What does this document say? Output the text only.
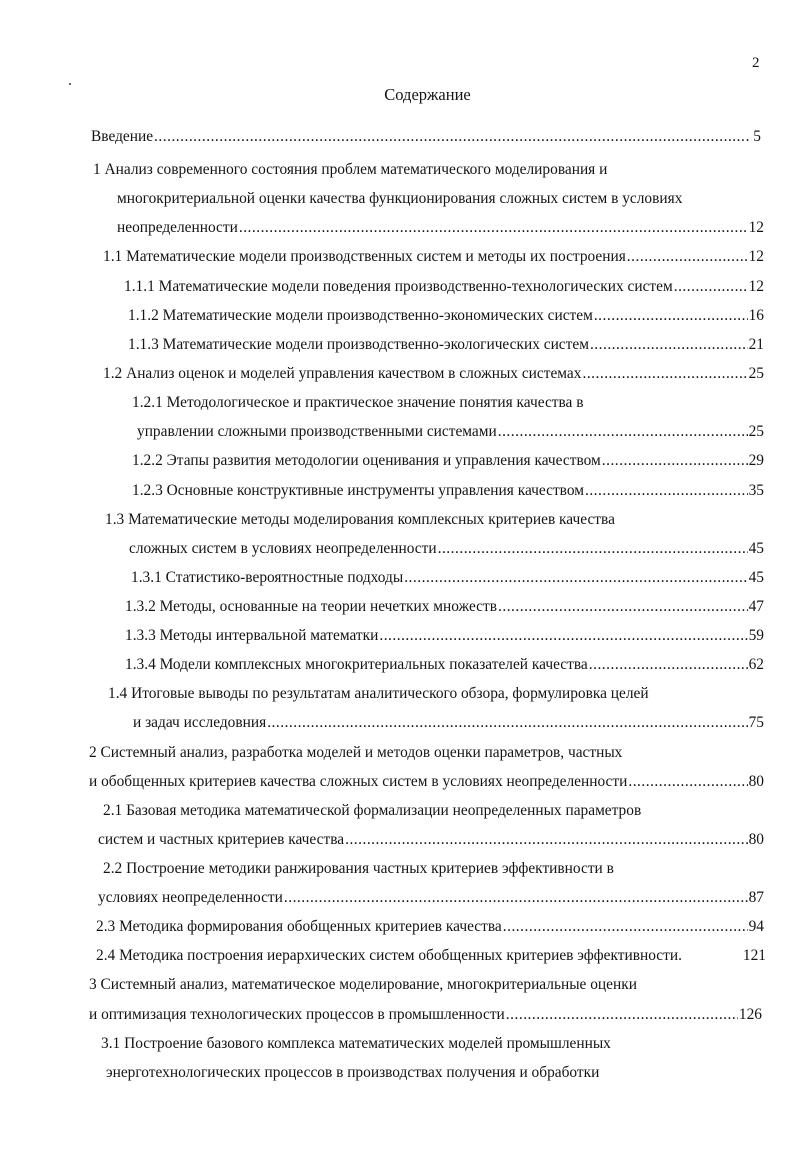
2
Содержание
Введение .....	. 5
1 Анализ современного состояния проблем математического моделирования и
многокритериальной оценки качества функционирования сложных систем в условиях
неопределенности .....	12
1.1 Математические модели производственных систем и методы их построения .....	12
1.1.1 Математические модели поведения производственно-технологических систем .....	12
1.1.2 Математические модели производственно-экономических систем .....	16
1.1.3 Математические модели производственно-экологических систем .....	21
1.2 Анализ оценок и моделей управления качеством в сложных системах .....	25
1.2.1 Методологическое и практическое значение понятия качества в
управлении сложными производственными системами .....	25
1.2.2 Этапы развития методологии оценивания и управления качеством .....	29
1.2.3 Основные конструктивные инструменты управления качеством .....	35
1.3 Математические методы моделирования комплексных критериев качества
сложных систем в условиях неопределенности .....	45
1.3.1 Статистико-вероятностные подходы .....	45
1.3.2 Методы, основанные на теории нечетких множеств .....	47
1.3.3 Методы интервальной математки .....	59
1.3.4 Модели комплексных многокритериальных показателей качества .....	62
1.4 Итоговые выводы по результатам аналитического обзора, формулировка целей
и задач исследовния .....	75
2 Системный анализ, разработка моделей и методов оценки параметров, частных
и обобщенных критериев качества сложных систем в условиях неопределенности .....	80
2.1 Базовая методика математической формализации неопределенных параметров
систем и частных критериев качества .....	80
2.2 Построение методики ранжирования частных критериев эффективности в
условиях неопределенности .....	87
2.3 Методика формирования обобщенных критериев качества .....	94
2.4 Методика построения иерархических систем обобщенных критериев эффективности.	121
3 Системный анализ, математическое моделирование, многокритериальные оценки
и оптимизация технологических процессов в промышленности .....	126
3.1 Построение базового комплекса математических моделей промышленных
энерготехнологических процессов в производствах получения и обработки
